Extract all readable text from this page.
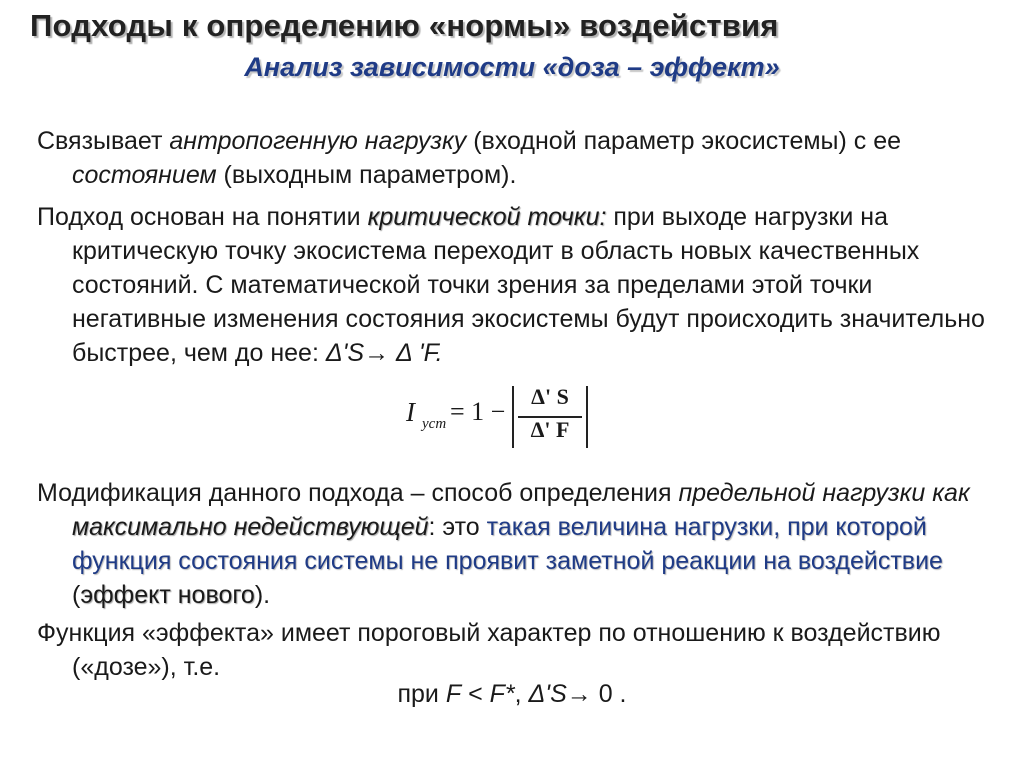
Подходы к определению «нормы» воздействия
Анализ зависимости «доза – эффект»

Связывает антропогенную нагрузку (входной параметр экосистемы) с ее состоянием (выходным параметром).

Подход основан на понятии критической точки: при выходе нагрузки на критическую точку экосистема переходит в область новых качественных состояний. С математической точки зрения за пределами этой точки негативные изменения состояния экосистемы будут происходить значительно быстрее, чем до нее: Δ'S→ Δ 'F.

Модификация данного подхода – способ определения предельной нагрузки как максимально недействующей: это такая величина нагрузки, при которой функция состояния системы не проявит заметной реакции на воздействие (эффект нового).

Функция «эффекта» имеет пороговый характер по отношению к воздействию («дозе»), т.е.

I уст = 1 −
Δ' S
Δ' F
при F < F*, Δ'S→ 0 .
